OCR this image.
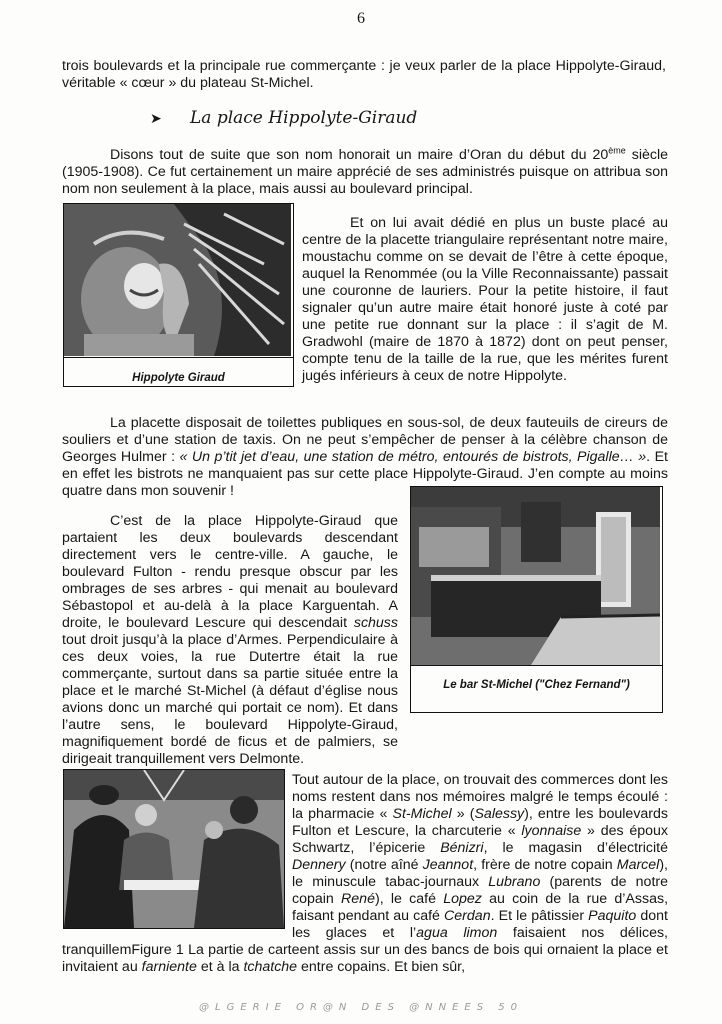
6

trois boulevards et la principale rue commerçante : je veux parler de la place Hippolyte-Giraud, véritable « cœur » du plateau St-Michel.

➤ La place Hippolyte-Giraud

Disons tout de suite que son nom honorait un maire d’Oran du début du 20ème siècle (1905-1908). Ce fut certainement un maire apprécié de ses administrés puisque on attribua son nom non seulement à la place, mais aussi au boulevard principal.

Hippolyte Giraud

Et on lui avait dédié en plus un buste placé au centre de la placette triangulaire représentant notre maire, moustachu comme on se devait de l’être à cette époque, auquel la Renommée (ou la Ville Reconnaissante) passait une couronne de lauriers. Pour la petite histoire, il faut signaler qu’un autre maire était honoré juste à coté par une petite rue donnant sur la place : il s’agit de M. Gradwohl (maire de 1870 à 1872) dont on peut penser, compte tenu de la taille de la rue, que les mérites furent jugés inférieurs à ceux de notre Hippolyte.

La placette disposait de toilettes publiques en sous-sol, de deux fauteuils de cireurs de souliers et d’une station de taxis. On ne peut s’empêcher de penser à la célèbre chanson de Georges Hulmer : « Un p’tit jet d’eau, une station de métro, entourés de bistrots, Pigalle… ». Et en effet les bistrots ne manquaient pas sur cette place Hippolyte-Giraud. J’en compte au moins quatre dans mon souvenir !

Le bar St-Michel ("Chez Fernand")

C’est de la place Hippolyte-Giraud que partaient les deux boulevards descendant directement vers le centre-ville. A gauche, le boulevard Fulton - rendu presque obscur par les ombrages de ses arbres - qui menait au boulevard Sébastopol et au-delà à la place Karguentah. A droite, le boulevard Lescure qui descendait schuss tout droit jusqu’à la place d’Armes. Perpendiculaire à ces deux voies, la rue Dutertre était la rue commerçante, surtout dans sa partie située entre la place et le marché St-Michel (à défaut d’église nous avions donc un marché qui portait ce nom). Et dans l’autre sens, le boulevard Hippolyte-Giraud, magnifiquement bordé de ficus et de palmiers, se dirigeait tranquillement vers Delmonte.

Tout autour de la place, on trouvait des commerces dont les noms restent dans nos mémoires malgré le temps écoulé : la pharmacie « St-Michel » (Salessy), entre les boulevards Fulton et Lescure, la charcuterie « lyonnaise » des époux Schwartz, l’épicerie Bénizri, le magasin d’électricité Dennery (notre aîné Jeannot, frère de notre copain Marcel), le minuscule tabac-journaux Lubrano (parents de notre copain René), le café Lopez au coin de la rue d’Assas, faisant pendant au café Cerdan. Et le pâtissier Paquito dont les glaces et l’agua limon faisaient nos délices, tranquillemFigure 1 La partie de carteent assis sur un des bancs de bois qui ornaient la place et invitaient au farniente et à la tchatche entre copains. Et bien sûr,

@LGERIE OR@N DES @NNEES 50
